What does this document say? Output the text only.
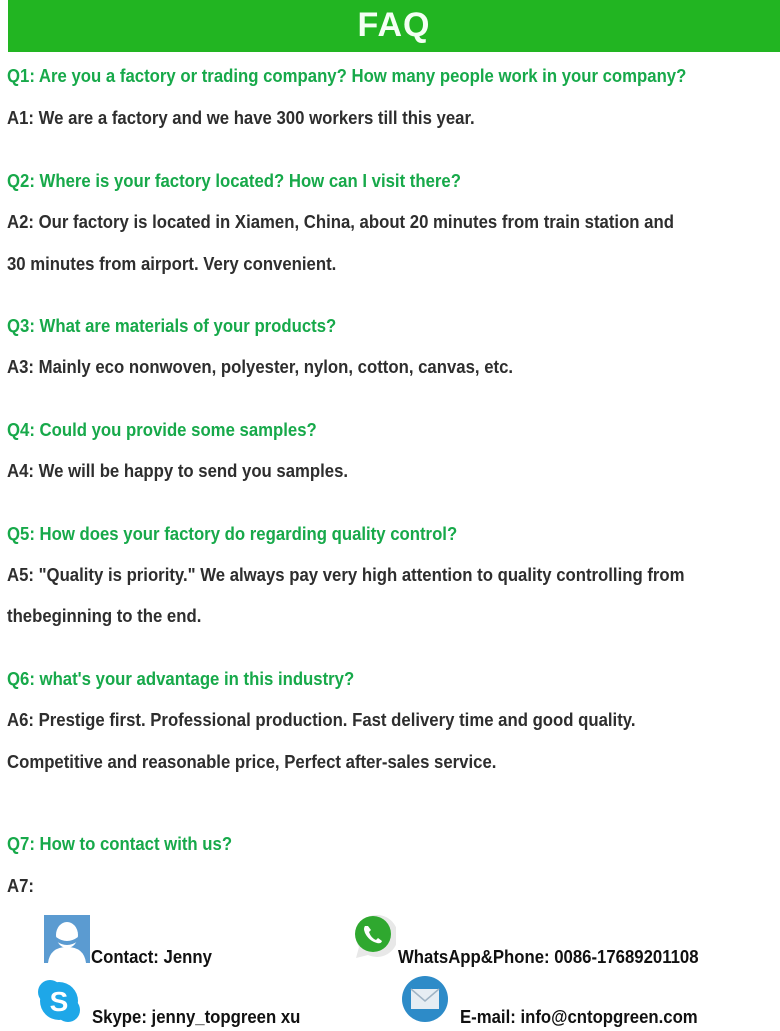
FAQ
Q1: Are you a factory or trading company? How many people work in your company?
A1: We are a factory and we have 300 workers till this year.
Q2: Where is your factory located? How can I visit there?
A2: Our factory is located in Xiamen, China, about 20 minutes from train station and
30 minutes from airport. Very convenient.
Q3: What are materials of your products?
A3: Mainly eco nonwoven, polyester, nylon, cotton, canvas, etc.
Q4: Could you provide some samples?
A4: We will be happy to send you samples.
Q5: How does your factory do regarding quality control?
A5: "Quality is priority." We always pay very high attention to quality controlling from
thebeginning to the end.
Q6: what's your advantage in this industry?
A6: Prestige first. Professional production. Fast delivery time and good quality.
Competitive and reasonable price, Perfect after-sales service.
Q7: How to contact with us?
A7:
Contact: Jenny	WhatsApp&Phone: 0086-17689201108
S Skype: jenny_topgreen xu	E-mail: info@cntopgreen.com
